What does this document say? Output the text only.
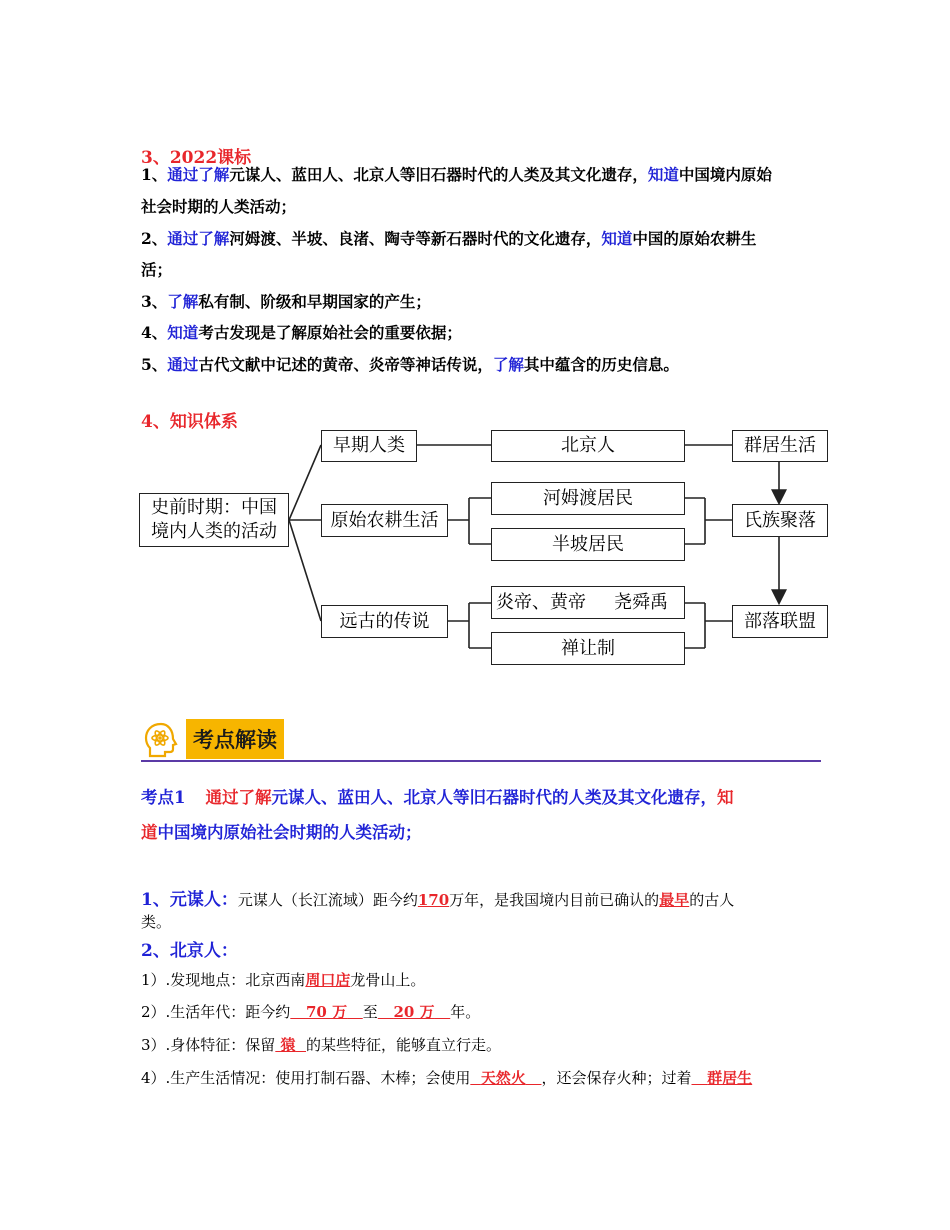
3、2022课标
1、通过了解元谋人、蓝田人、北京人等旧石器时代的人类及其文化遗存，知道中国境内原始
社会时期的人类活动；
2、通过了解河姆渡、半坡、良渚、陶寺等新石器时代的文化遗存，知道中国的原始农耕生
活；
3、了解私有制、阶级和早期国家的产生；
4、知道考古发现是了解原始社会的重要依据；
5、通过古代文献中记述的黄帝、炎帝等神话传说，了解其中蕴含的历史信息。
4、知识体系
史前时期：中国
境内人类的活动
早期人类
原始农耕生活
远古的传说
北京人
河姆渡居民
半坡居民
炎帝、黄帝 尧舜禹
禅让制
群居生活
氏族聚落
部落联盟
考点解读
考点1 通过了解元谋人、蓝田人、北京人等旧石器时代的人类及其文化遗存，知
道中国境内原始社会时期的人类活动；
1、元谋人：元谋人（长江流域）距今约170万年，是我国境内目前已确认的最早的古人
类。
2、北京人：
1）.发现地点：北京西南周口店龙骨山上。
2）.生活年代：距今约 70 万 至 20 万 年。
3）.身体特征：保留 猿 的某些特征，能够直立行走。
4）.生产生活情况：使用打制石器、木棒；会使用 天然火 ，还会保存火种；过着 群居生
